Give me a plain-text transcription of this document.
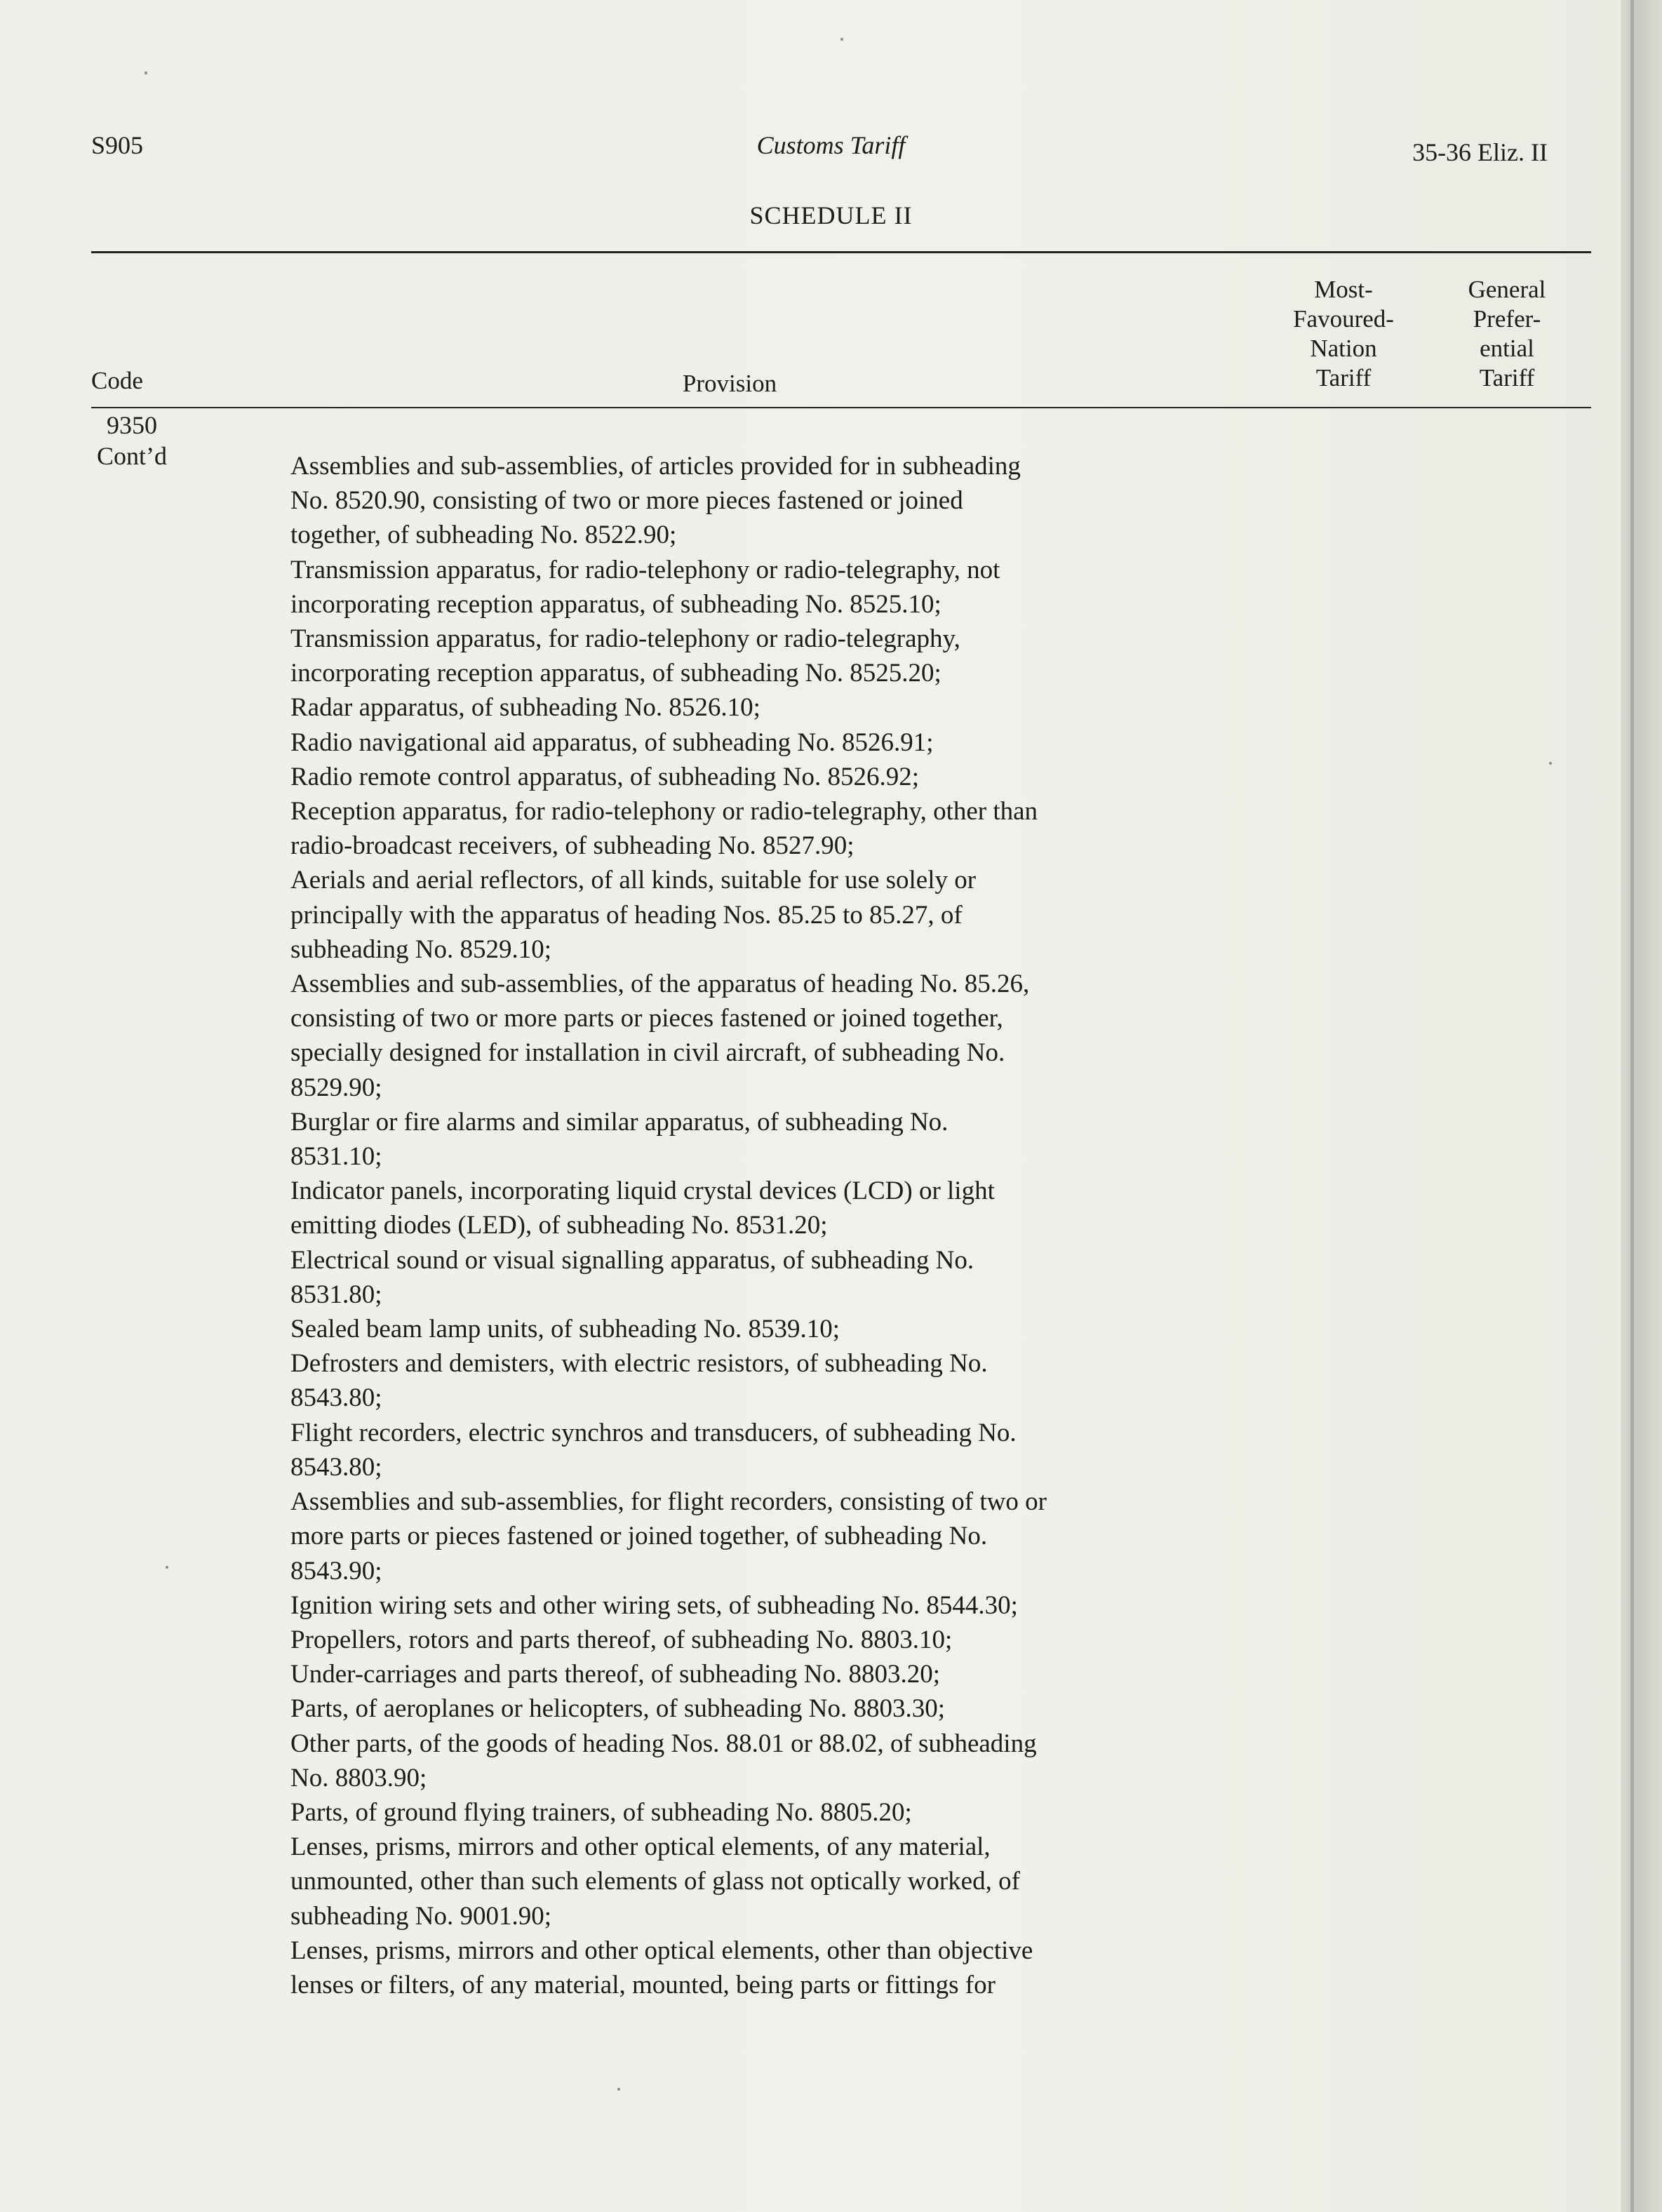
S905	Customs Tariff	35-36 Eliz. II
SCHEDULE II
Code	Provision
Most-
Favoured-
Nation
Tariff
General
Prefer-
ential
Tariff
9350
Cont’d	Assemblies and sub-assemblies, of articles provided for in subheading
No. 8520.90, consisting of two or more pieces fastened or joined
together, of subheading No. 8522.90;
Transmission apparatus, for radio-telephony or radio-telegraphy, not
incorporating reception apparatus, of subheading No. 8525.10;
Transmission apparatus, for radio-telephony or radio-telegraphy,
incorporating reception apparatus, of subheading No. 8525.20;
Radar apparatus, of subheading No. 8526.10;
Radio navigational aid apparatus, of subheading No. 8526.91;
Radio remote control apparatus, of subheading No. 8526.92;
Reception apparatus, for radio-telephony or radio-telegraphy, other than
radio-broadcast receivers, of subheading No. 8527.90;
Aerials and aerial reflectors, of all kinds, suitable for use solely or
principally with the apparatus of heading Nos. 85.25 to 85.27, of
subheading No. 8529.10;
Assemblies and sub-assemblies, of the apparatus of heading No. 85.26,
consisting of two or more parts or pieces fastened or joined together,
specially designed for installation in civil aircraft, of subheading No.
8529.90;
Burglar or fire alarms and similar apparatus, of subheading No.
8531.10;
Indicator panels, incorporating liquid crystal devices (LCD) or light
emitting diodes (LED), of subheading No. 8531.20;
Electrical sound or visual signalling apparatus, of subheading No.
8531.80;
Sealed beam lamp units, of subheading No. 8539.10;
Defrosters and demisters, with electric resistors, of subheading No.
8543.80;
Flight recorders, electric synchros and transducers, of subheading No.
8543.80;
Assemblies and sub-assemblies, for flight recorders, consisting of two or
more parts or pieces fastened or joined together, of subheading No.
8543.90;
Ignition wiring sets and other wiring sets, of subheading No. 8544.30;
Propellers, rotors and parts thereof, of subheading No. 8803.10;
Under-carriages and parts thereof, of subheading No. 8803.20;
Parts, of aeroplanes or helicopters, of subheading No. 8803.30;
Other parts, of the goods of heading Nos. 88.01 or 88.02, of subheading
No. 8803.90;
Parts, of ground flying trainers, of subheading No. 8805.20;
Lenses, prisms, mirrors and other optical elements, of any material,
unmounted, other than such elements of glass not optically worked, of
subheading No. 9001.90;
Lenses, prisms, mirrors and other optical elements, other than objective
lenses or filters, of any material, mounted, being parts or fittings for
